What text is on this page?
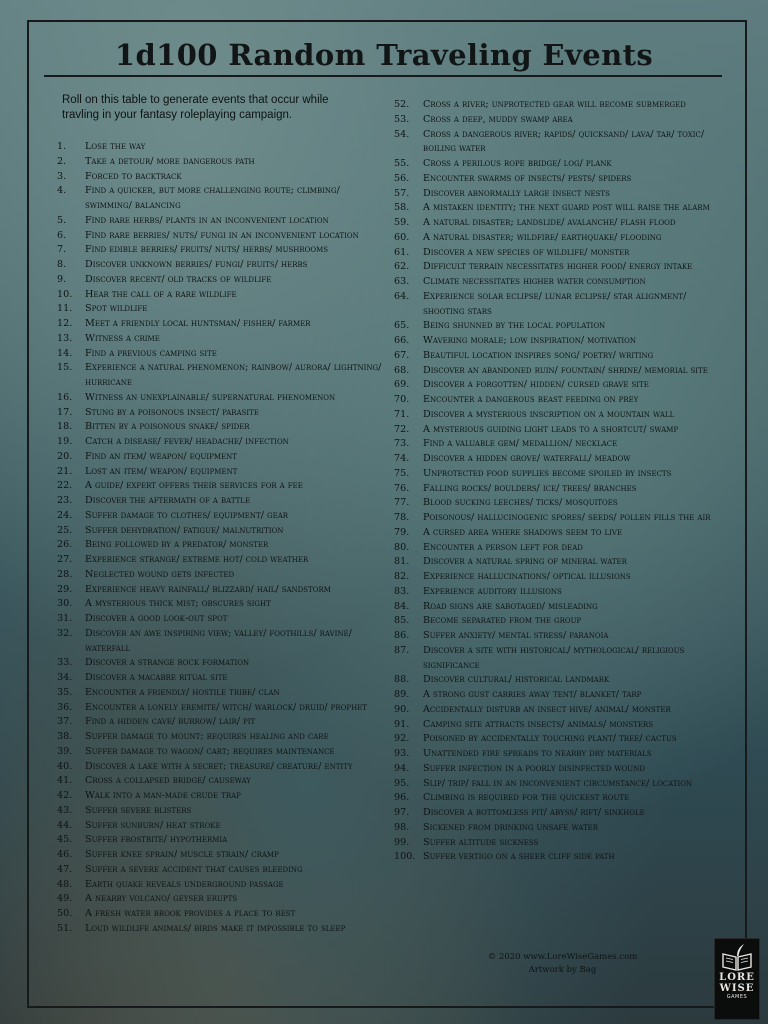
1d100 Random Traveling Events

Roll on this table to generate events that occur while travling in your fantasy roleplaying campaign.

1.	Lose the way
2.	Take a detour/ more dangerous path
3.	Forced to backtrack
4.	Find a quicker, but more challenging route; climbing/ swimming/ balancing
5.	Find rare herbs/ plants in an inconvenient location
6.	Find rare berries/ nuts/ fungi in an inconvenient location
7.	Find edible berries/ fruits/ nuts/ herbs/ mushrooms
8.	Discover unknown berries/ fungi/ fruits/ herbs
9.	Discover recent/ old tracks of wildlife
10.	Hear the call of a rare wildlife
11.	Spot wildlife
12.	Meet a friendly local huntsman/ fisher/ farmer
13.	Witness a crime
14.	Find a previous camping site
15.	Experience a natural phenomenon; rainbow/ aurora/ lightning/ hurricane
16.	Witness an unexplainable/ supernatural phenomenon
17.	Stung by a poisonous insect/ parasite
18.	Bitten by a poisonous snake/ spider
19.	Catch a disease/ fever/ headache/ infection
20.	Find an item/ weapon/ equipment
21.	Lost an item/ weapon/ equipment
22.	A guide/ expert offers their services for a fee
23.	Discover the aftermath of a battle
24.	Suffer damage to clothes/ equipment/ gear
25.	Suffer dehydration/ fatigue/ malnutrition
26.	Being followed by a predator/ monster
27.	Experience strange/ extreme hot/ cold weather
28.	Neglected wound gets infected
29.	Experience heavy rainfall/ blizzard/ hail/ sandstorm
30.	A mysterious thick mist; obscures sight
31.	Discover a good look-out spot
32.	Discover an awe inspiring view; valley/ foothills/ ravine/ waterfall
33.	Discover a strange rock formation
34.	Discover a macabre ritual site
35.	Encounter a friendly/ hostile tribe/ clan
36.	Encounter a lonely eremite/ witch/ warlock/ druid/ prophet
37.	Find a hidden cave/ burrow/ lair/ pit
38.	Suffer damage to mount; requires healing and care
39.	Suffer damage to wagon/ cart; requires maintenance
40.	Discover a lake with a secret; treasure/ creature/ entity
41.	Cross a collapsed bridge/ causeway
42.	Walk into a man-made crude trap
43.	Suffer severe blisters
44.	Suffer sunburn/ heat stroke
45.	Suffer frostbite/ hypothermia
46.	Suffer knee sprain/ muscle strain/ cramp
47.	Suffer a severe accident that causes bleeding
48.	Earth quake reveals underground passage
49.	A nearby volcano/ geyser erupts
50.	A fresh water brook provides a place to rest
51.	Loud wildlife animals/ birds make it impossible to sleep
52.	Cross a river; unprotected gear will become submerged
53.	Cross a deep, muddy swamp area
54.	Cross a dangerous river; rapids/ quicksand/ lava/ tar/ toxic/ boiling water
55.	Cross a perilous rope bridge/ log/ plank
56.	Encounter swarms of insects/ pests/ spiders
57.	Discover abnormally large insect nests
58.	A mistaken identity; the next guard post will raise the alarm
59.	A natural disaster; landslide/ avalanche/ flash flood
60.	A natural disaster; wildfire/ earthquake/ flooding
61.	Discover a new species of wildlife/ monster
62.	Difficult terrain necessitates higher food/ energy intake
63.	Climate necessitates higher water consumption
64.	Experience solar eclipse/ lunar eclipse/ star alignment/ shooting stars
65.	Being shunned by the local population
66.	Wavering morale; low inspiration/ motivation
67.	Beautiful location inspires song/ poetry/ writing
68.	Discover an abandoned ruin/ fountain/ shrine/ memorial site
69.	Discover a forgotten/ hidden/ cursed grave site
70.	Encounter a dangerous beast feeding on prey
71.	Discover a mysterious inscription on a mountain wall
72.	A mysterious guiding light leads to a shortcut/ swamp
73.	Find a valuable gem/ medallion/ necklace
74.	Discover a hidden grove/ waterfall/ meadow
75.	Unprotected food supplies become spoiled by insects
76.	Falling rocks/ boulders/ ice/ trees/ branches
77.	Blood sucking leeches/ ticks/ mosquitoes
78.	Poisonous/ hallucinogenic spores/ seeds/ pollen fills the air
79.	A cursed area where shadows seem to live
80.	Encounter a person left for dead
81.	Discover a natural spring of mineral water
82.	Experience hallucinations/ optical illusions
83.	Experience auditory illusions
84.	Road signs are sabotaged/ misleading
85.	Become separated from the group
86.	Suffer anxiety/ mental stress/ paranoia
87.	Discover a site with historical/ mythological/ religious significance
88.	Discover cultural/ historical landmark
89.	A strong gust carries away tent/ blanket/ tarp
90.	Accidentally disturb an insect hive/ animal/ monster
91.	Camping site attracts insects/ animals/ monsters
92.	Poisoned by accidentally touching plant/ tree/ cactus
93.	Unattended fire spreads to nearby dry materials
94.	Suffer infection in a poorly disinfected wound
95.	Slip/ trip/ fall in an inconvenient circumstance/ location
96.	Climbing is required for the quickest route
97.	Discover a bottomless pit/ abyss/ rift/ sinkhole
98.	Sickened from drinking unsafe water
99.	Suffer altitude sickness
100. Suffer vertigo on a sheer cliff side path
© 2020 www.LoreWiseGames.com
Artwork by Bag
LORE
WISE
GAMES
